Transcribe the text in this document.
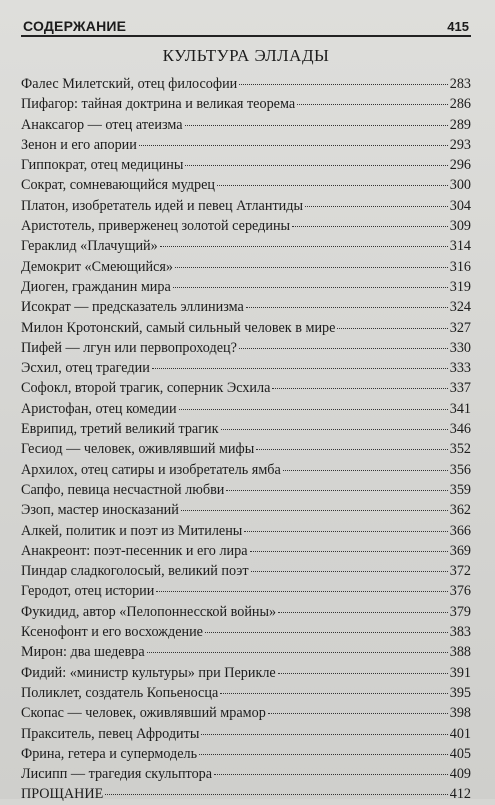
СОДЕРЖАНИЕ	415
КУЛЬТУРА ЭЛЛАДЫ
Фалес Милетский, отец философии	283
Пифагор: тайная доктрина и великая теорема	286
Анаксагор — отец атеизма	289
Зенон и его апории	293
Гиппократ, отец медицины	296
Сократ, сомневающийся мудрец	300
Платон, изобретатель идей и певец Атлантиды	304
Аристотель, приверженец золотой середины	309
Гераклид «Плачущий»	314
Демокрит «Смеющийся»	316
Диоген, гражданин мира	319
Исократ — предсказатель эллинизма	324
Милон Кротонский, самый сильный человек в мире	327
Пифей — лгун или первопроходец?	330
Эсхил, отец трагедии	333
Софокл, второй трагик, соперник Эсхила	337
Аристофан, отец комедии	341
Еврипид, третий великий трагик	346
Гесиод — человек, оживлявший мифы	352
Архилох, отец сатиры и изобретатель ямба	356
Сапфо, певица несчастной любви	359
Эзоп, мастер иносказаний	362
Алкей, политик и поэт из Митилены	366
Анакреонт: поэт-песенник и его лира	369
Пиндар сладкоголосый, великий поэт	372
Геродот, отец истории	376
Фукидид, автор «Пелопоннесской войны»	379
Ксенофонт и его восхождение	383
Мирон: два шедевра	388
Фидий: «министр культуры» при Перикле	391
Поликлет, создатель Копьеносца	395
Скопас — человек, оживлявший мрамор	398
Пракситель, певец Афродиты	401
Фрина, гетера и супермодель	405
Лисипп — трагедия скульптора	409
ПРОЩАНИЕ	412
